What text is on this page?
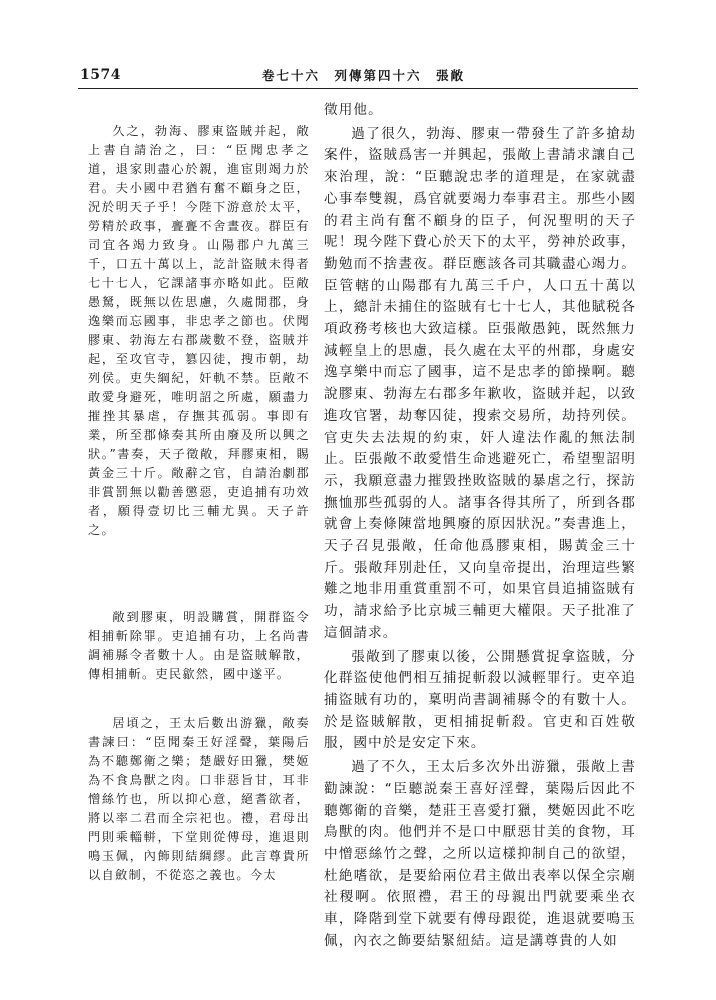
1574	卷七十六　列傳第四十六　張敞

久之，勃海、膠東盜賊并起，敞上書自請治之，曰：“臣聞忠孝之道，退家則盡心於親，進宦則竭力於君。夫小國中君猶有奮不顧身之臣，況於明天子乎！今陛下游意於太平，勞精於政事，亹亹不舍晝夜。群臣有司宜各竭力致身。山陽郡户九萬三千，口五十萬以上，訖計盜賊未得者七十七人，它課諸事亦略如此。臣敞愚駑，既無以佐思慮，久處閒郡，身逸樂而忘國事，非忠孝之節也。伏聞膠東、勃海左右郡歲數不登，盜賊并起，至攻官寺，篡囚徒，搜市朝，劫列侯。吏失綱紀，奸軌不禁。臣敞不敢愛身避死，唯明詔之所處，願盡力摧挫其暴虐，存撫其孤弱。事即有業，所至郡條奏其所由廢及所以興之狀。”書奏，天子徵敞，拜膠東相，賜黃金三十斤。敞辭之官，自請治劇郡非賞罰無以勸善懲惡，吏追捕有功效者，願得壹切比三輔尤異。天子許之。

敞到膠東，明設購賞，開群盜令相捕斬除罪。吏追捕有功，上名尚書調補縣令者數十人。由是盜賊解散，傳相捕斬。吏民歙然，國中遂平。

居頃之，王太后數出游獵，敞奏書諫曰：“臣聞秦王好淫聲，葉陽后為不聽鄭衛之樂；楚嚴好田獵，樊姬為不食鳥獸之肉。口非惡旨甘，耳非憎絲竹也，所以抑心意，絕耆欲者，將以率二君而全宗祀也。禮，君母出門則乘輜軿，下堂則從傅母，進退則鳴玉佩，內飾則結綢繆。此言尊貴所以自斂制，不從恣之義也。今太

徵用他。

過了很久，勃海、膠東一帶發生了許多搶劫案件，盜賊爲害一并興起，張敞上書請求讓自己來治理，說：“臣聽說忠孝的道理是，在家就盡心事奉雙親，爲官就要竭力奉事君主。那些小國的君主尚有奮不顧身的臣子，何況聖明的天子呢！現今陛下費心於天下的太平，勞神於政事，勤勉而不捨晝夜。群臣應該各司其職盡心竭力。臣管轄的山陽郡有九萬三千户，人口五十萬以上，總計未捕住的盜賊有七十七人，其他賦税各項政務考核也大致這樣。臣張敞愚鈍，既然無力減輕皇上的思慮，長久處在太平的州郡，身處安逸享樂中而忘了國事，這不是忠孝的節操啊。聽說膠東、勃海左右郡多年歉收，盜賊并起，以致進攻官署，劫奪囚徒，搜索交易所，劫持列侯。官吏失去法規的約束，奸人違法作亂的無法制止。臣張敞不敢愛惜生命逃避死亡，希望聖詔明示，我願意盡力摧毀挫敗盜賊的暴虐之行，探訪撫恤那些孤弱的人。諸事各得其所了，所到各郡就會上奏條陳當地興廢的原因狀況。”奏書進上，天子召見張敞，任命他爲膠東相，賜黃金三十斤。張敞拜別赴任，又向皇帝提出，治理這些繁難之地非用重賞重罰不可，如果官員追捕盜賊有功，請求給予比京城三輔更大權限。天子批准了這個請求。

張敞到了膠東以後，公開懸賞捉拿盜賊，分化群盜使他們相互捕捉斬殺以減輕罪行。吏卒追捕盜賊有功的，稟明尚書調補縣令的有數十人。於是盜賊解散，更相捕捉斬殺。官吏和百姓敬服，國中於是安定下來。

過了不久，王太后多次外出游獵，張敞上書勸諫說：“臣聽説秦王喜好淫聲，葉陽后因此不聽鄭衛的音樂，楚莊王喜愛打獵，樊姬因此不吃鳥獸的肉。他們并不是口中厭惡甘美的食物，耳中憎惡絲竹之聲，之所以這樣抑制自己的欲望，杜絶嗜欲，是要給兩位君主做出表率以保全宗廟社稷啊。依照禮，君王的母親出門就要乘坐衣車，降階到堂下就要有傅母跟從，進退就要鳴玉佩，內衣之飾要結緊紐結。這是講尊貴的人如
